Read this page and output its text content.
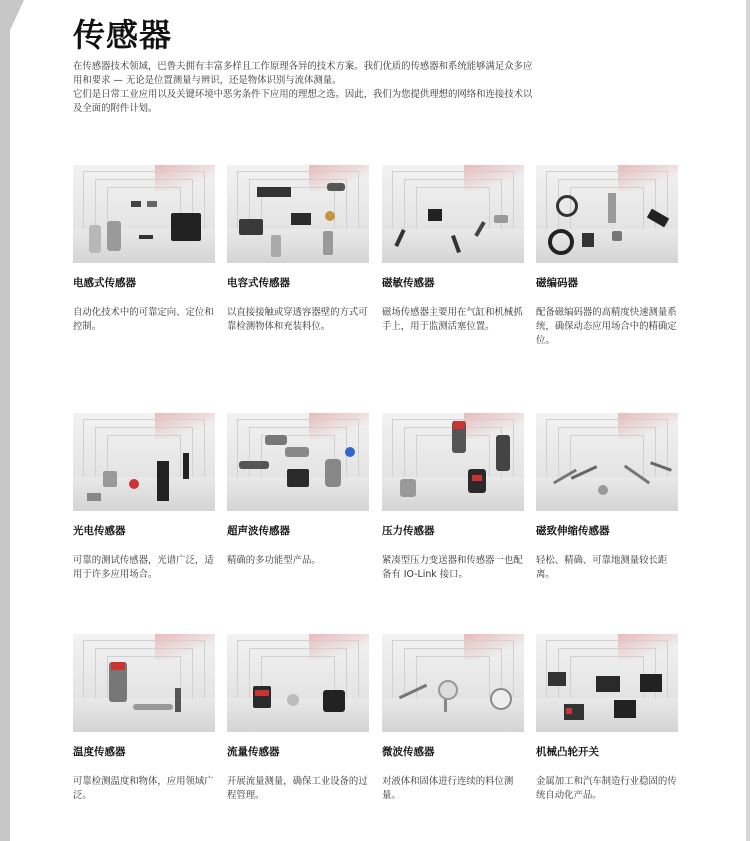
传感器

在传感器技术领域，巴鲁夫拥有丰富多样且工作原理各异的技术方案。我们优质的传感器和系统能够满足众多应用和要求 — 无论是位置测量与辨识，还是物体识别与流体测量。

它们是日常工业应用以及关键环境中恶劣条件下应用的理想之选。因此，我们为您提供理想的网络和连接技术以及全面的附件计划。

电感式传感器
自动化技术中的可靠定向、定位和控制。
电容式传感器
以直接接触或穿透容器壁的方式可靠检测物体和充装料位。
磁敏传感器
磁场传感器主要用在气缸和机械抓手上，用于监测活塞位置。
磁编码器
配备磁编码器的高精度快速测量系统，确保动态应用场合中的精确定位。
光电传感器
可靠的测试传感器，光谱广泛，适用于许多应用场合。
超声波传感器
精确的多功能型产品。
压力传感器
紧凑型压力变送器和传感器一也配备有 IO-Link 接口。
磁致伸缩传感器
轻松、精确、可靠地测量较长距离。
温度传感器
可靠检测温度和物体，应用领域广泛。
流量传感器
开展流量测量，确保工业设备的过程管理。
微波传感器
对液体和固体进行连续的料位测量。
机械凸轮开关
金属加工和汽车制造行业稳固的传统自动化产品。
